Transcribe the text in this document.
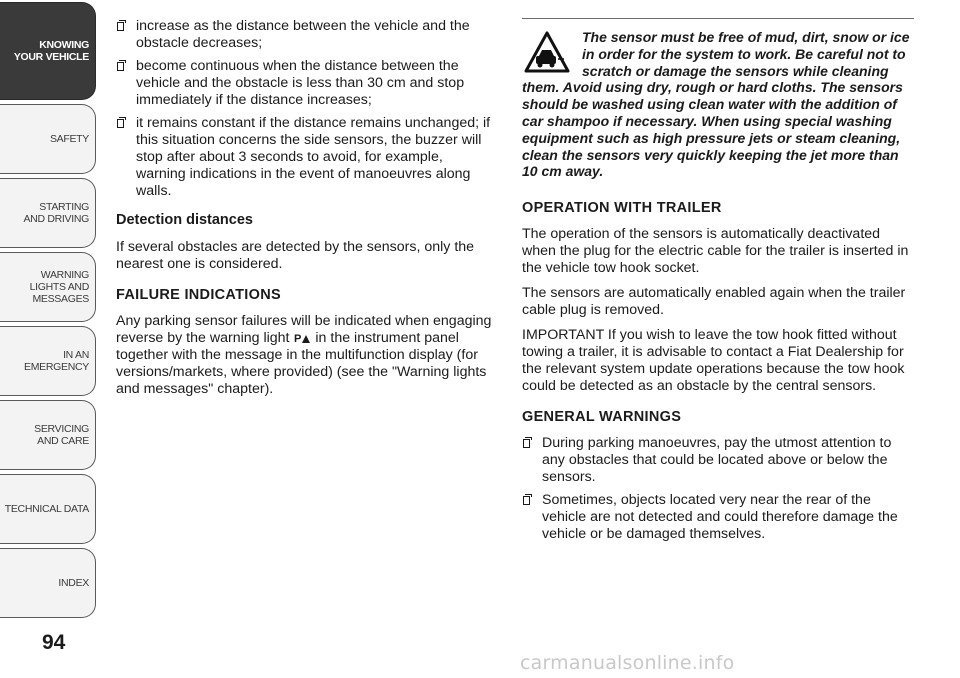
KNOWING YOUR VEHICLE
SAFETY
STARTING AND DRIVING
WARNING LIGHTS AND MESSAGES
IN AN EMERGENCY
SERVICING AND CARE
TECHNICAL DATA
INDEX
94
increase as the distance between the vehicle and the obstacle decreases;
become continuous when the distance between the vehicle and the obstacle is less than 30 cm and stop immediately if the distance increases;
it remains constant if the distance remains unchanged; if this situation concerns the side sensors, the buzzer will stop after about 3 seconds to avoid, for example, warning indications in the event of manoeuvres along walls.
Detection distances
If several obstacles are detected by the sensors, only the nearest one is considered.
FAILURE INDICATIONS
Any parking sensor failures will be indicated when engaging reverse by the warning light P in the instrument panel together with the message in the multifunction display (for versions/markets, where provided) (see the "Warning lights and messages" chapter).
The sensor must be free of mud, dirt, snow or ice in order for the system to work. Be careful not to scratch or damage the sensors while cleaning them. Avoid using dry, rough or hard cloths. The sensors should be washed using clean water with the addition of car shampoo if necessary. When using special washing equipment such as high pressure jets or steam cleaning, clean the sensors very quickly keeping the jet more than 10 cm away.
OPERATION WITH TRAILER
The operation of the sensors is automatically deactivated when the plug for the electric cable for the trailer is inserted in the vehicle tow hook socket.
The sensors are automatically enabled again when the trailer cable plug is removed.
IMPORTANT If you wish to leave the tow hook fitted without towing a trailer, it is advisable to contact a Fiat Dealership for the relevant system update operations because the tow hook could be detected as an obstacle by the central sensors.
GENERAL WARNINGS
During parking manoeuvres, pay the utmost attention to any obstacles that could be located above or below the sensors.
Sometimes, objects located very near the rear of the vehicle are not detected and could therefore damage the vehicle or be damaged themselves.
carmanualsonline.info
